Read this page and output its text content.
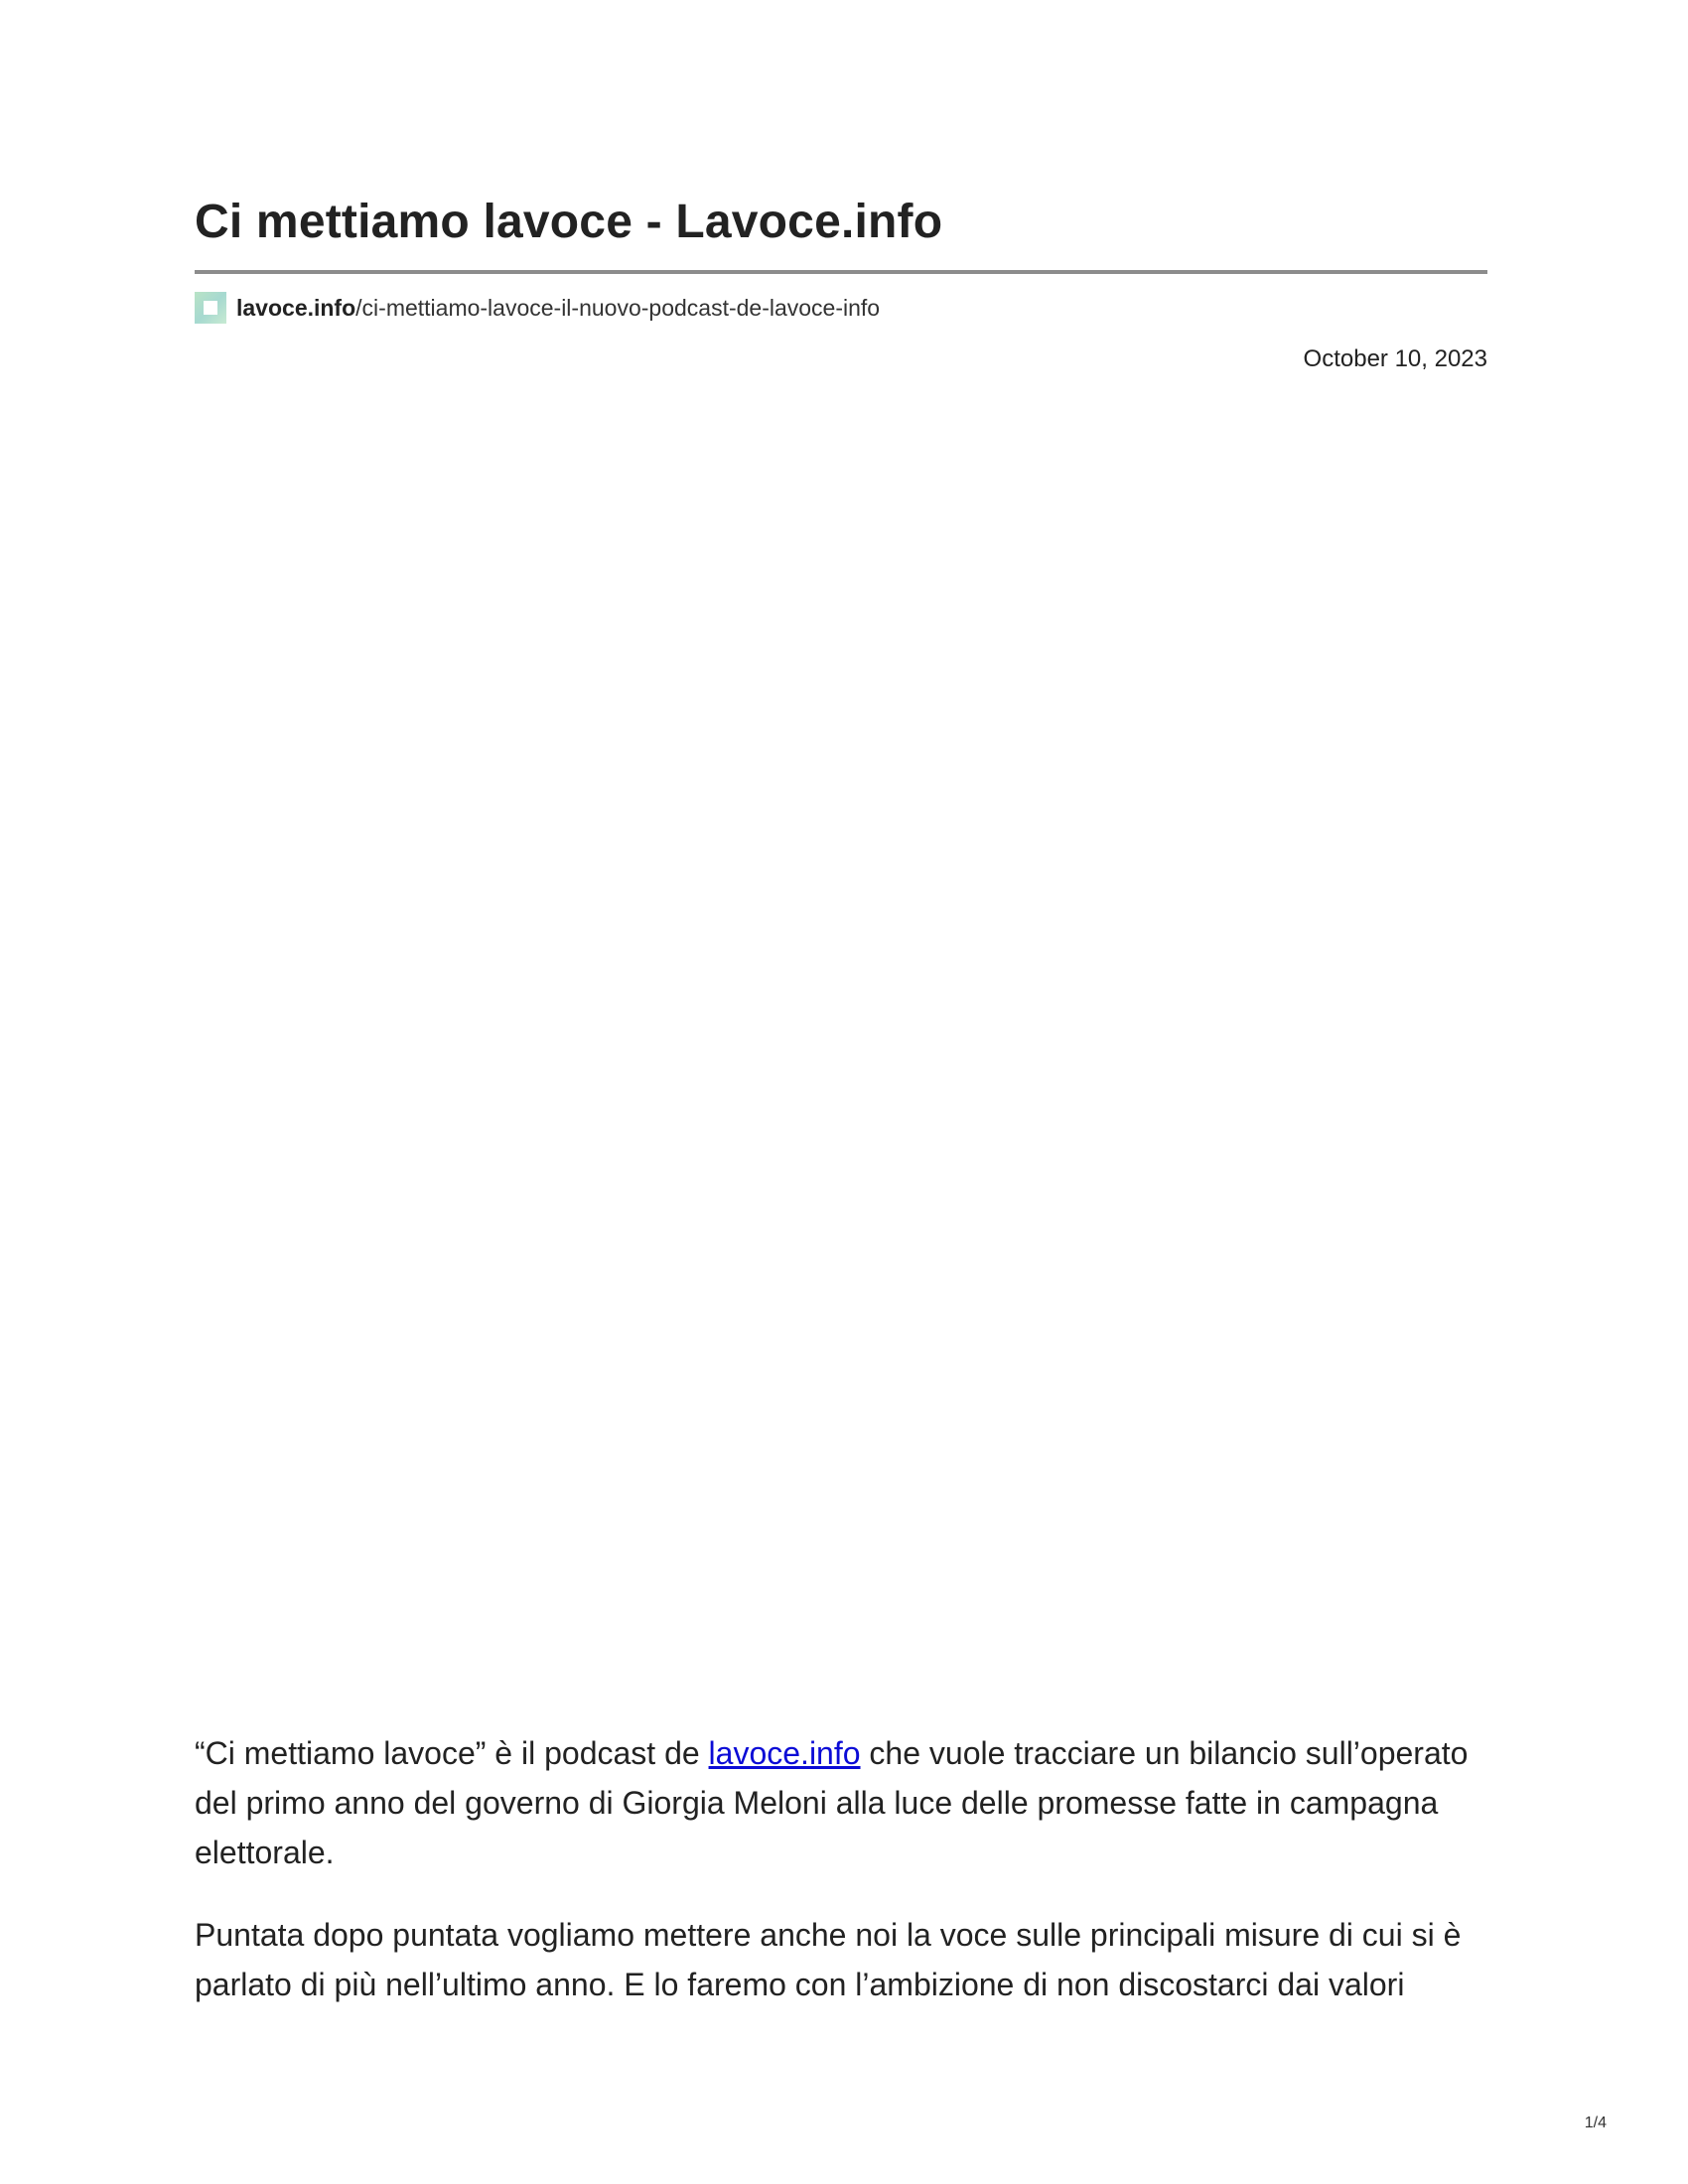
Ci mettiamo lavoce - Lavoce.info
lavoce.info /ci-mettiamo-lavoce-il-nuovo-podcast-de-lavoce-info
October 10, 2023

“Ci mettiamo lavoce” è il podcast de lavoce.info che vuole tracciare un bilancio sull’operato del primo anno del governo di Giorgia Meloni alla luce delle promesse fatte in campagna elettorale.

Puntata dopo puntata vogliamo mettere anche noi la voce sulle principali misure di cui si è parlato di più nell’ultimo anno. E lo faremo con l’ambizione di non discostarci dai valori

1/4
